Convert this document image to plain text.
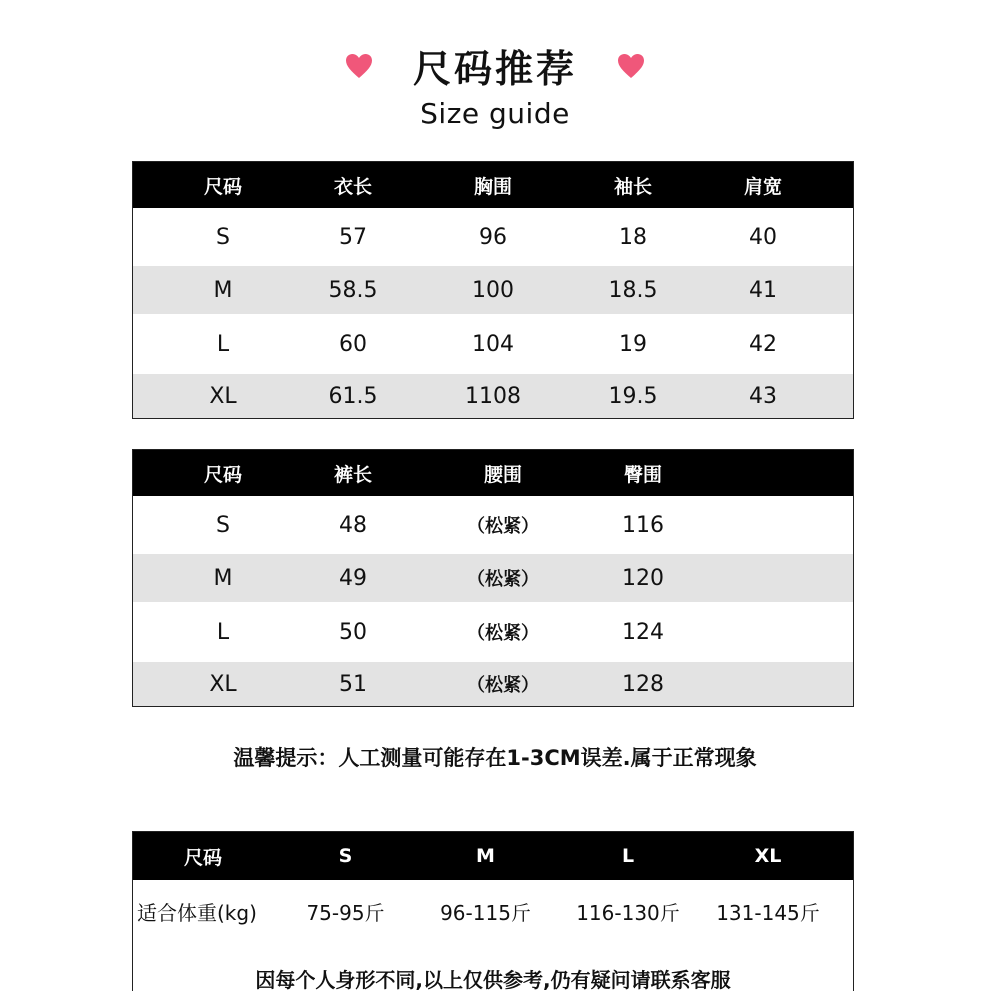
尺码推荐
Size guide
尺码	衣长	胸围	袖长	肩宽
S	57	96	18	40
M	58.5	100	18.5	41
L	60	104	19	42
XL	61.5	1108	19.5	43
尺码	裤长	腰围	臀围
S	48	（松紧）	116
M	49	（松紧）	120
L	50	（松紧）	124
XL	51	（松紧）	128
温馨提示：人工测量可能存在1-3CM误差.属于正常现象
尺码	S	M	L	XL
适合体重(kg)	75-95斤	96-115斤	116-130斤	131-145斤
因每个人身形不同,以上仅供参考,仍有疑问请联系客服
